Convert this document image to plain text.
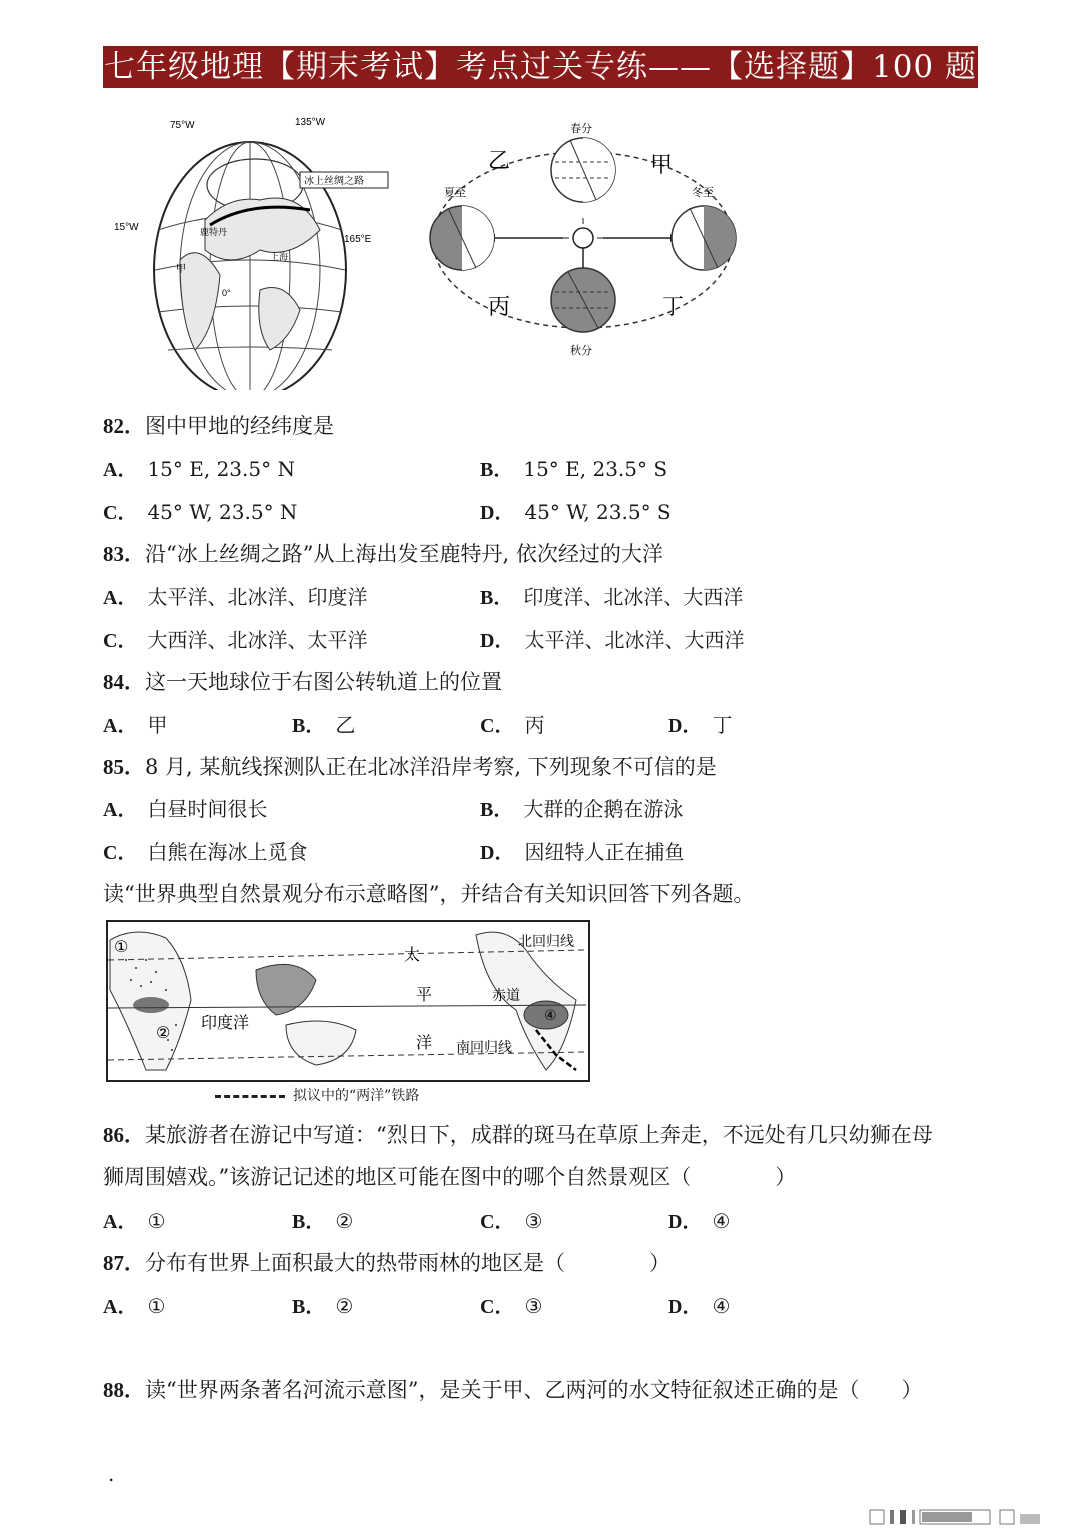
七年级地理【期末考试】考点过关专练——【选择题】100 题
冰上丝绸之路
75°W	135°W
15°W
165°E
鹿特丹
上海
甲
0°
春分
夏至	冬至
秋分
乙	甲
丙	丁
82．图中甲地的经纬度是
A． 15° E, 23.5° N	B． 15° E, 23.5° S
C． 45° W, 23.5° N	D． 45° W, 23.5° S
83．沿“冰上丝绸之路”从上海出发至鹿特丹, 依次经过的大洋
A． 太平洋、北冰洋、印度洋	B． 印度洋、北冰洋、大西洋
C． 大西洋、北冰洋、太平洋	D． 太平洋、北冰洋、大西洋
84．这一天地球位于右图公转轨道上的位置
A． 甲	B． 乙	C． 丙	D． 丁
85．8 月, 某航线探测队正在北冰洋沿岸考察, 下列现象不可信的是
A． 白昼时间很长	B． 大群的企鹅在游泳
C． 白熊在海冰上觅食	D． 因纽特人正在捕鱼
读“世界典型自然景观分布示意略图”，并结合有关知识回答下列各题。
①
②
④
太
平
洋
印度洋
北回归线
赤道
南回归线
拟议中的“两洋”铁路
86．某旅游者在游记中写道：“烈日下，成群的斑马在草原上奔走，不远处有几只幼狮在母
狮周围嬉戏。”该游记记述的地区可能在图中的哪个自然景观区（　　　　）
A． ①	B． ②	C． ③	D． ④
87．分布有世界上面积最大的热带雨林的地区是（　　　　）
A． ①	B． ②	C． ③	D． ④
88．读“世界两条著名河流示意图”，是关于甲、乙两河的水文特征叙述正确的是（　　）
.
